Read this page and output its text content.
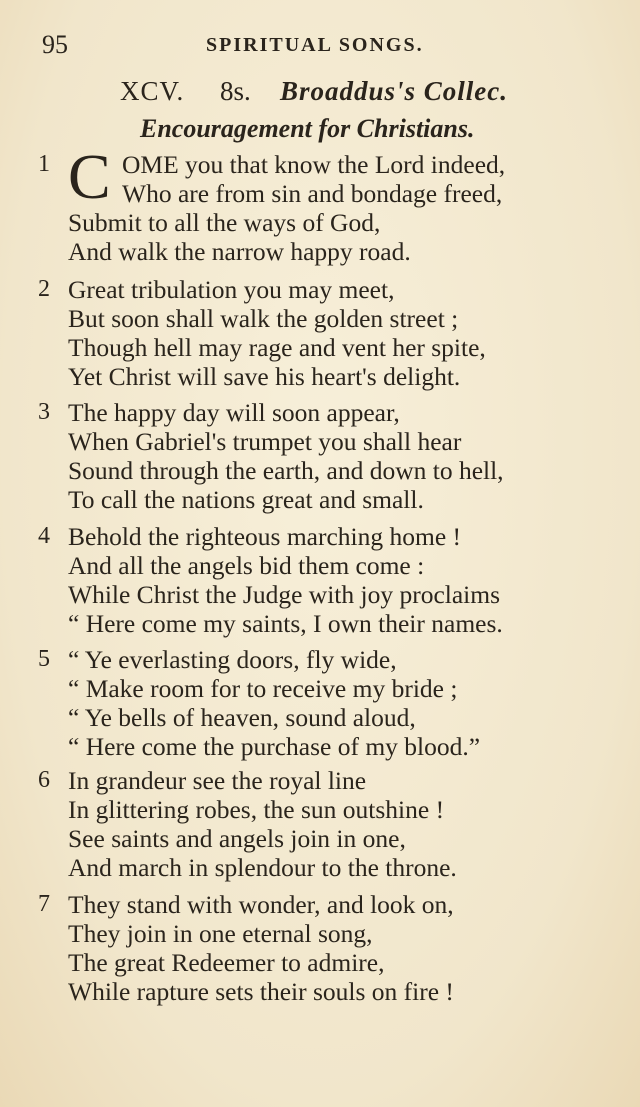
95	SPIRITUAL SONGS.
XCV. 8s. Broaddus's Collec.
Encouragement for Christians.
1 C OME you that know the Lord indeed,
Who are from sin and bondage freed,
Submit to all the ways of God,
And walk the narrow happy road.
2 Great tribulation you may meet,
But soon shall walk the golden street ;
Though hell may rage and vent her spite,
Yet Christ will save his heart's delight.
3 The happy day will soon appear,
When Gabriel's trumpet you shall hear
Sound through the earth, and down to hell,
To call the nations great and small.
4 Behold the righteous marching home !
And all the angels bid them come :
While Christ the Judge with joy proclaims
“ Here come my saints, I own their names.
5 “ Ye everlasting doors, fly wide,
“ Make room for to receive my bride ;
“ Ye bells of heaven, sound aloud,
“ Here come the purchase of my blood.”
6 In grandeur see the royal line
In glittering robes, the sun outshine !
See saints and angels join in one,
And march in splendour to the throne.
7 They stand with wonder, and look on,
They join in one eternal song,
The great Redeemer to admire,
While rapture sets their souls on fire !
